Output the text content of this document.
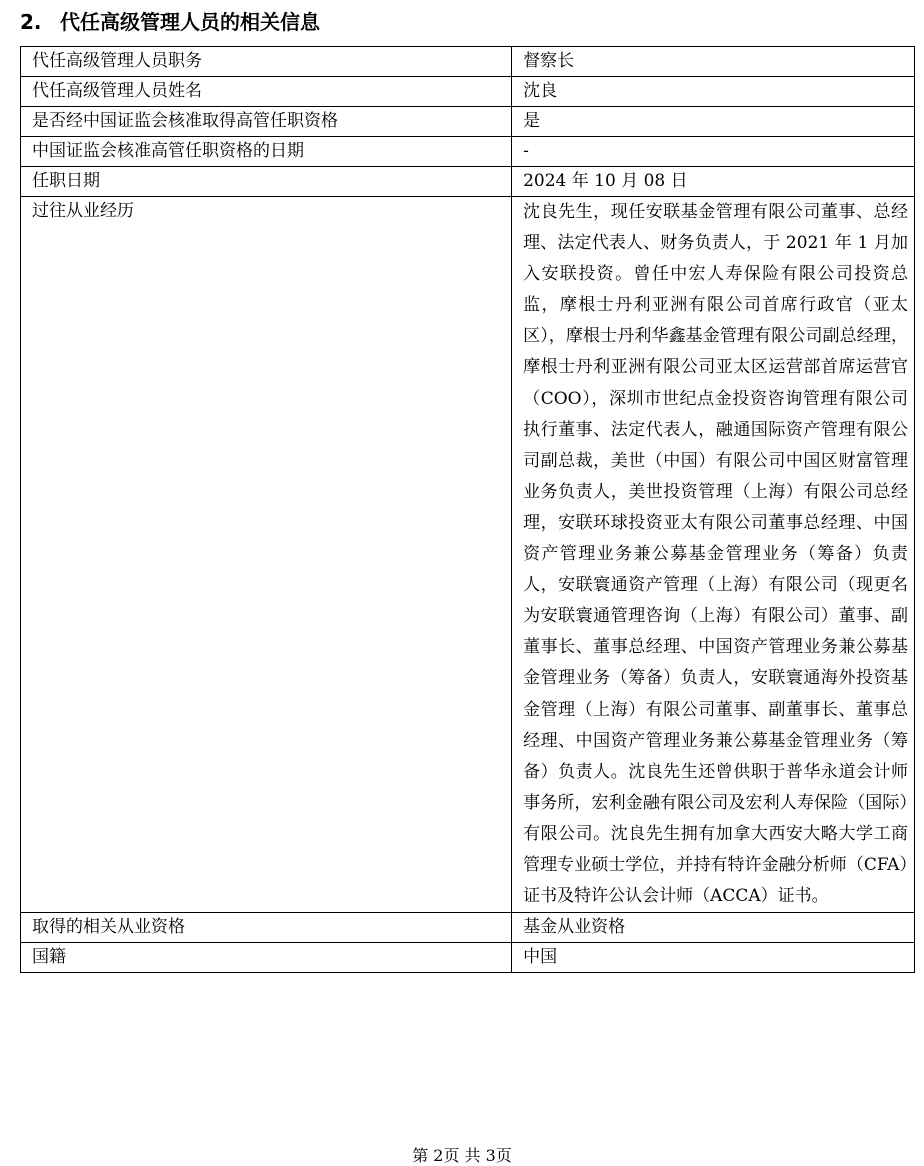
2. 代任高级管理人员的相关信息
代任高级管理人员职务	督察长
代任高级管理人员姓名	沈良
是否经中国证监会核准取得高管任职资格	是
中国证监会核准高管任职资格的日期	-
任职日期	2024 年 10 月 08 日
过往从业经历	沈良先生，现任安联基金管理有限公司董事、总经理、法定代表人、财务负责人，于 2021 年 1 月加入安联投资。曾任中宏人寿保险有限公司投资总监，摩根士丹利亚洲有限公司首席行政官（亚太区），摩根士丹利华鑫基金管理有限公司副总经理，摩根士丹利亚洲有限公司亚太区运营部首席运营官（COO），深圳市世纪点金投资咨询管理有限公司执行董事、法定代表人，融通国际资产管理有限公司副总裁，美世（中国）有限公司中国区财富管理业务负责人，美世投资管理（上海）有限公司总经理，安联环球投资亚太有限公司董事总经理、中国资产管理业务兼公募基金管理业务（筹备）负责人，安联寰通资产管理（上海）有限公司（现更名为安联寰通管理咨询（上海）有限公司）董事、副董事长、董事总经理、中国资产管理业务兼公募基金管理业务（筹备）负责人，安联寰通海外投资基金管理（上海）有限公司董事、副董事长、董事总经理、中国资产管理业务兼公募基金管理业务（筹备）负责人。沈良先生还曾供职于普华永道会计师事务所，宏利金融有限公司及宏利人寿保险（国际）有限公司。沈良先生拥有加拿大西安大略大学工商管理专业硕士学位，并持有特许金融分析师（CFA）证书及特许公认会计师（ACCA）证书。
取得的相关从业资格	基金从业资格
国籍	中国
第 2页 共 3页
